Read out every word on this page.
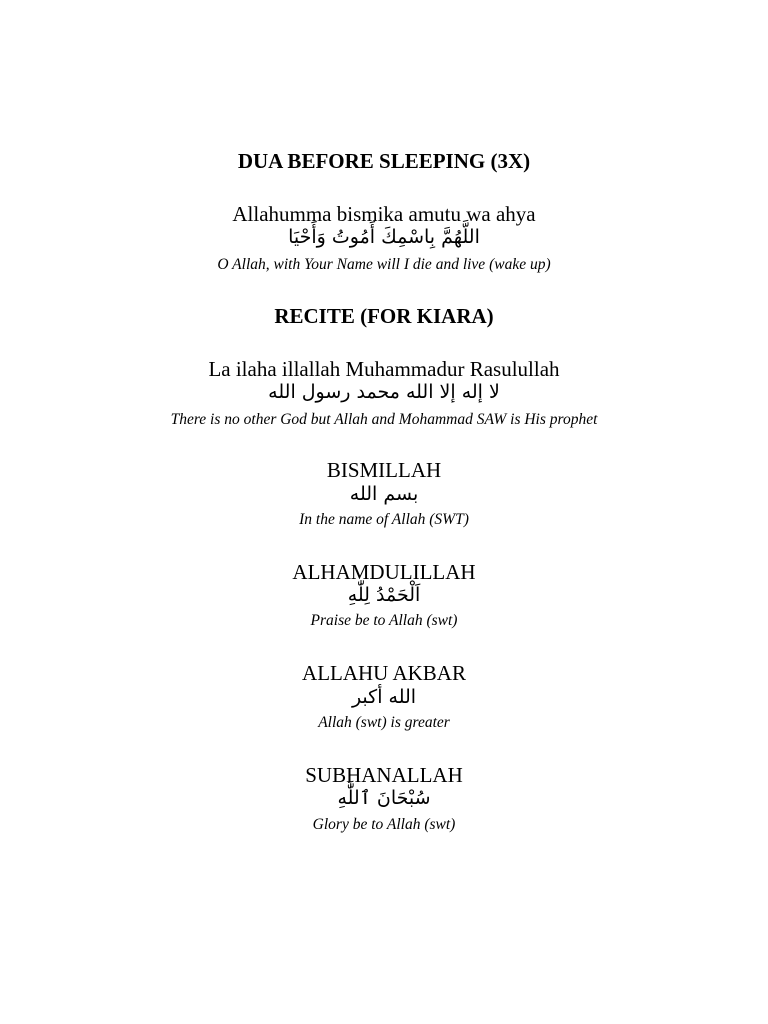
DUA BEFORE SLEEPING (3X)
Allahumma bismika amutu wa ahya
اللَّهُمَّ بِاسْمِكَ أَمُوتُ وَأَحْيَا
O Allah, with Your Name will I die and live (wake up)
RECITE (FOR KIARA)
La ilaha illallah Muhammadur Rasulullah
لا إله إلا الله محمد رسول الله
There is no other God but Allah and Mohammad SAW is His prophet
BISMILLAH
بسم الله
In the name of Allah (SWT)
ALHAMDULILLAH
اَلْحَمْدُ لِلّٰهِ
Praise be to Allah (swt)
ALLAHU AKBAR
الله أكبر
Allah (swt) is greater
SUBHANALLAH
سُبْحَانَ ٱللَّٰهِ
Glory be to Allah (swt)
